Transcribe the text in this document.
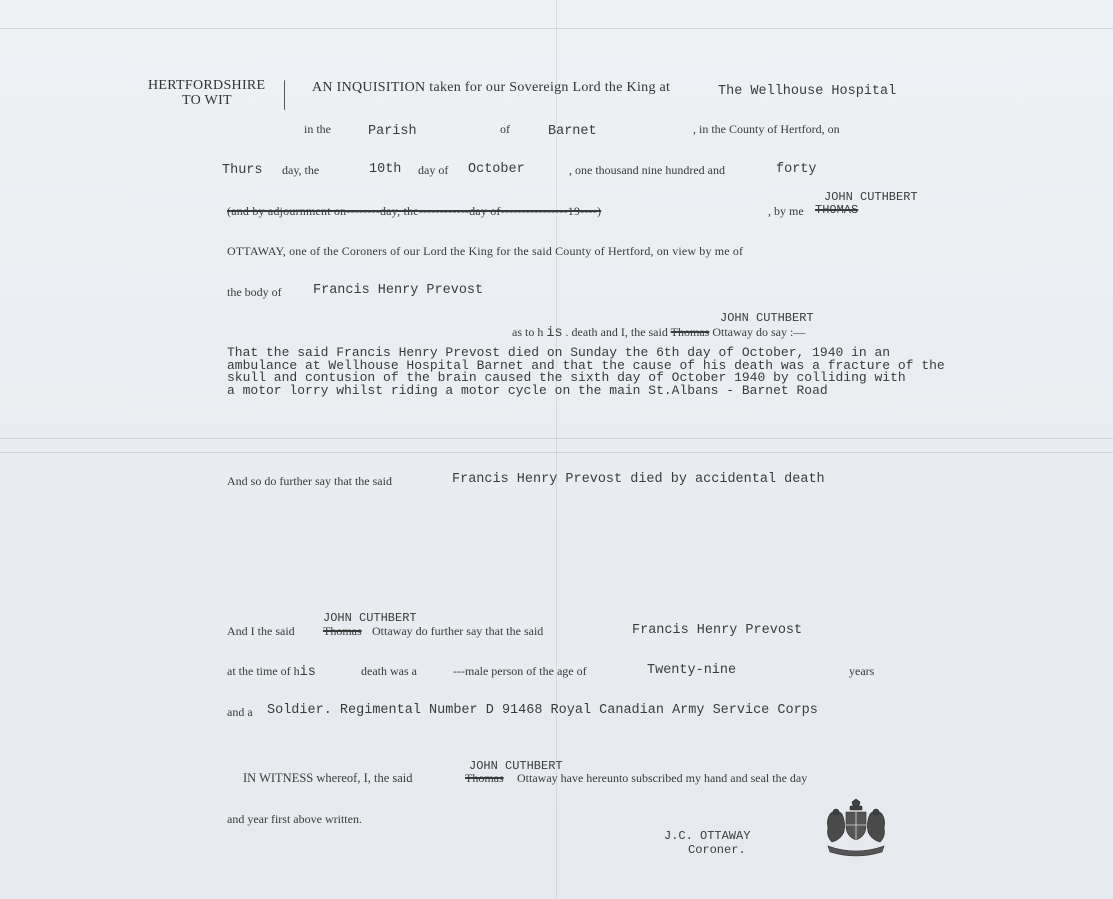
HERTFORDSHIRE
TO WIT
AN INQUISITION taken for our Sovereign Lord the King at	The Wellhouse Hospital
in the	Parish	of	Barnet	, in the County of Hertford, on
Thurs day, the	10th day of October	, one thousand nine hundred and	forty
JOHN CUTHBERT
(and by adjournment on--------day, the------------day of----------------19----)	, by me THOMAS
OTTAWAY, one of the Coroners of our Lord the King for the said County of Hertford, on view by me of
the body of Francis Henry Prevost
JOHN CUTHBERT
as to h is . death and I, the said Thomas Ottaway do say :—
That the said Francis Henry Prevost died on Sunday the 6th day of October, 1940 in an
ambulance at Wellhouse Hospital Barnet and that the cause of his death was a fracture of the
skull and contusion of the brain caused the sixth day of October 1940 by colliding with
a motor lorry whilst riding a motor cycle on the main St.Albans - Barnet Road
And so do further say that the said	Francis Henry Prevost died by accidental death
JOHN CUTHBERT
And I the said Thomas Ottaway do further say that the said	Francis Henry Prevost
at the time of his	death was a	---male person of the age of	Twenty-nine	years
and a Soldier. Regimental Number D 91468 Royal Canadian Army Service Corps
JOHN CUTHBERT
IN WITNESS whereof, I, the said	Thomas Ottaway have hereunto subscribed my hand and seal the day
and year first above written.
J.C. OTTAWAY
Coroner.
